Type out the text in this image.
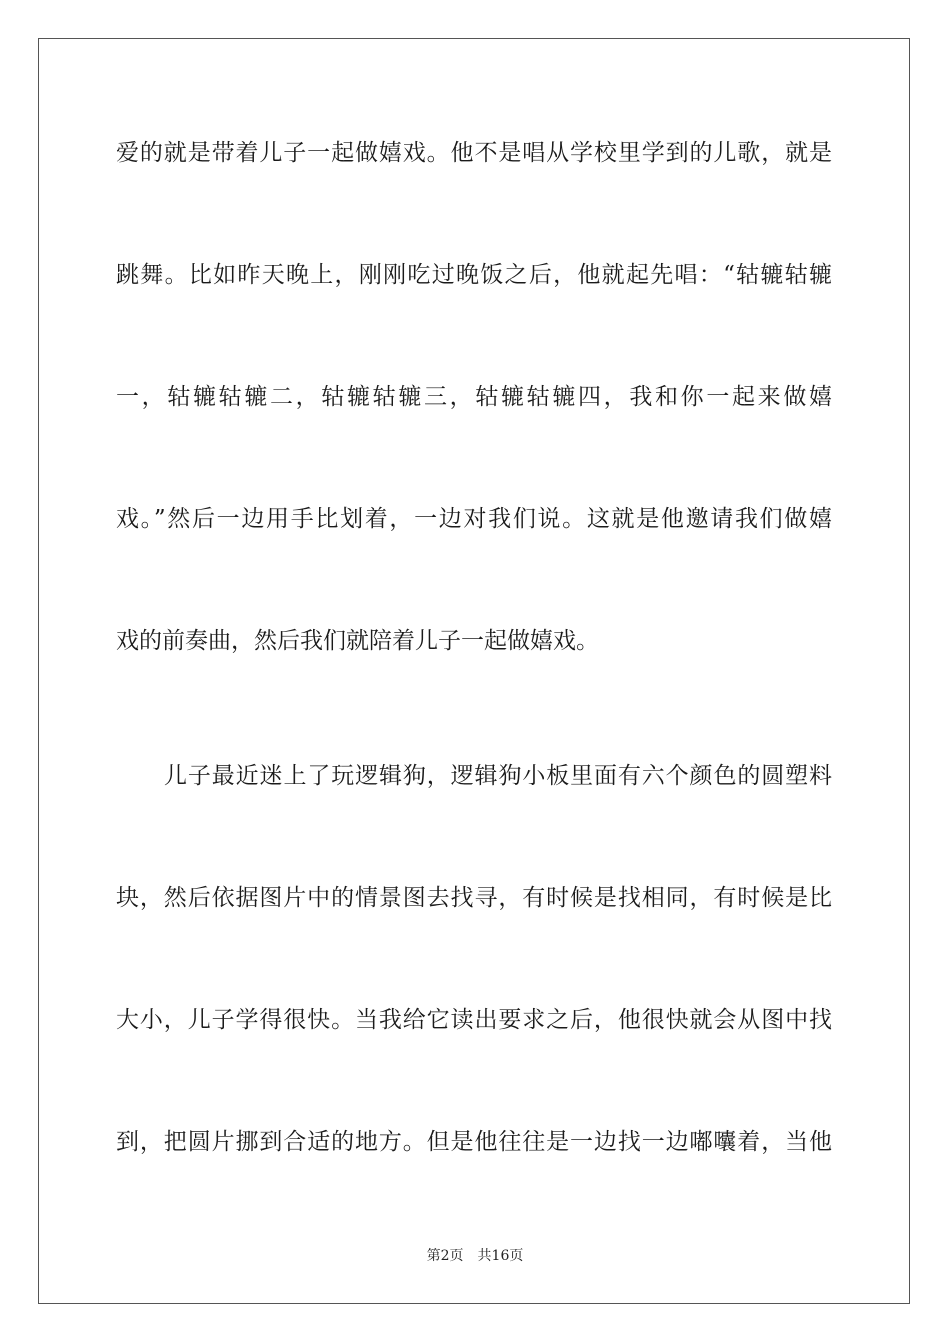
爱的就是带着儿子一起做嬉戏。他不是唱从学校里学到的儿歌，就是
跳舞。比如昨天晚上，刚刚吃过晚饭之后，他就起先唱：“轱辘轱辘
一，轱辘轱辘二，轱辘轱辘三，轱辘轱辘四，我和你一起来做嬉
戏。”然后一边用手比划着，一边对我们说。这就是他邀请我们做嬉
戏的前奏曲，然后我们就陪着儿子一起做嬉戏。
儿子最近迷上了玩逻辑狗，逻辑狗小板里面有六个颜色的圆塑料
块，然后依据图片中的情景图去找寻，有时候是找相同，有时候是比
大小，儿子学得很快。当我给它读出要求之后，他很快就会从图中找
到，把圆片挪到合适的地方。但是他往往是一边找一边嘟囔着，当他
第2页 共16页
